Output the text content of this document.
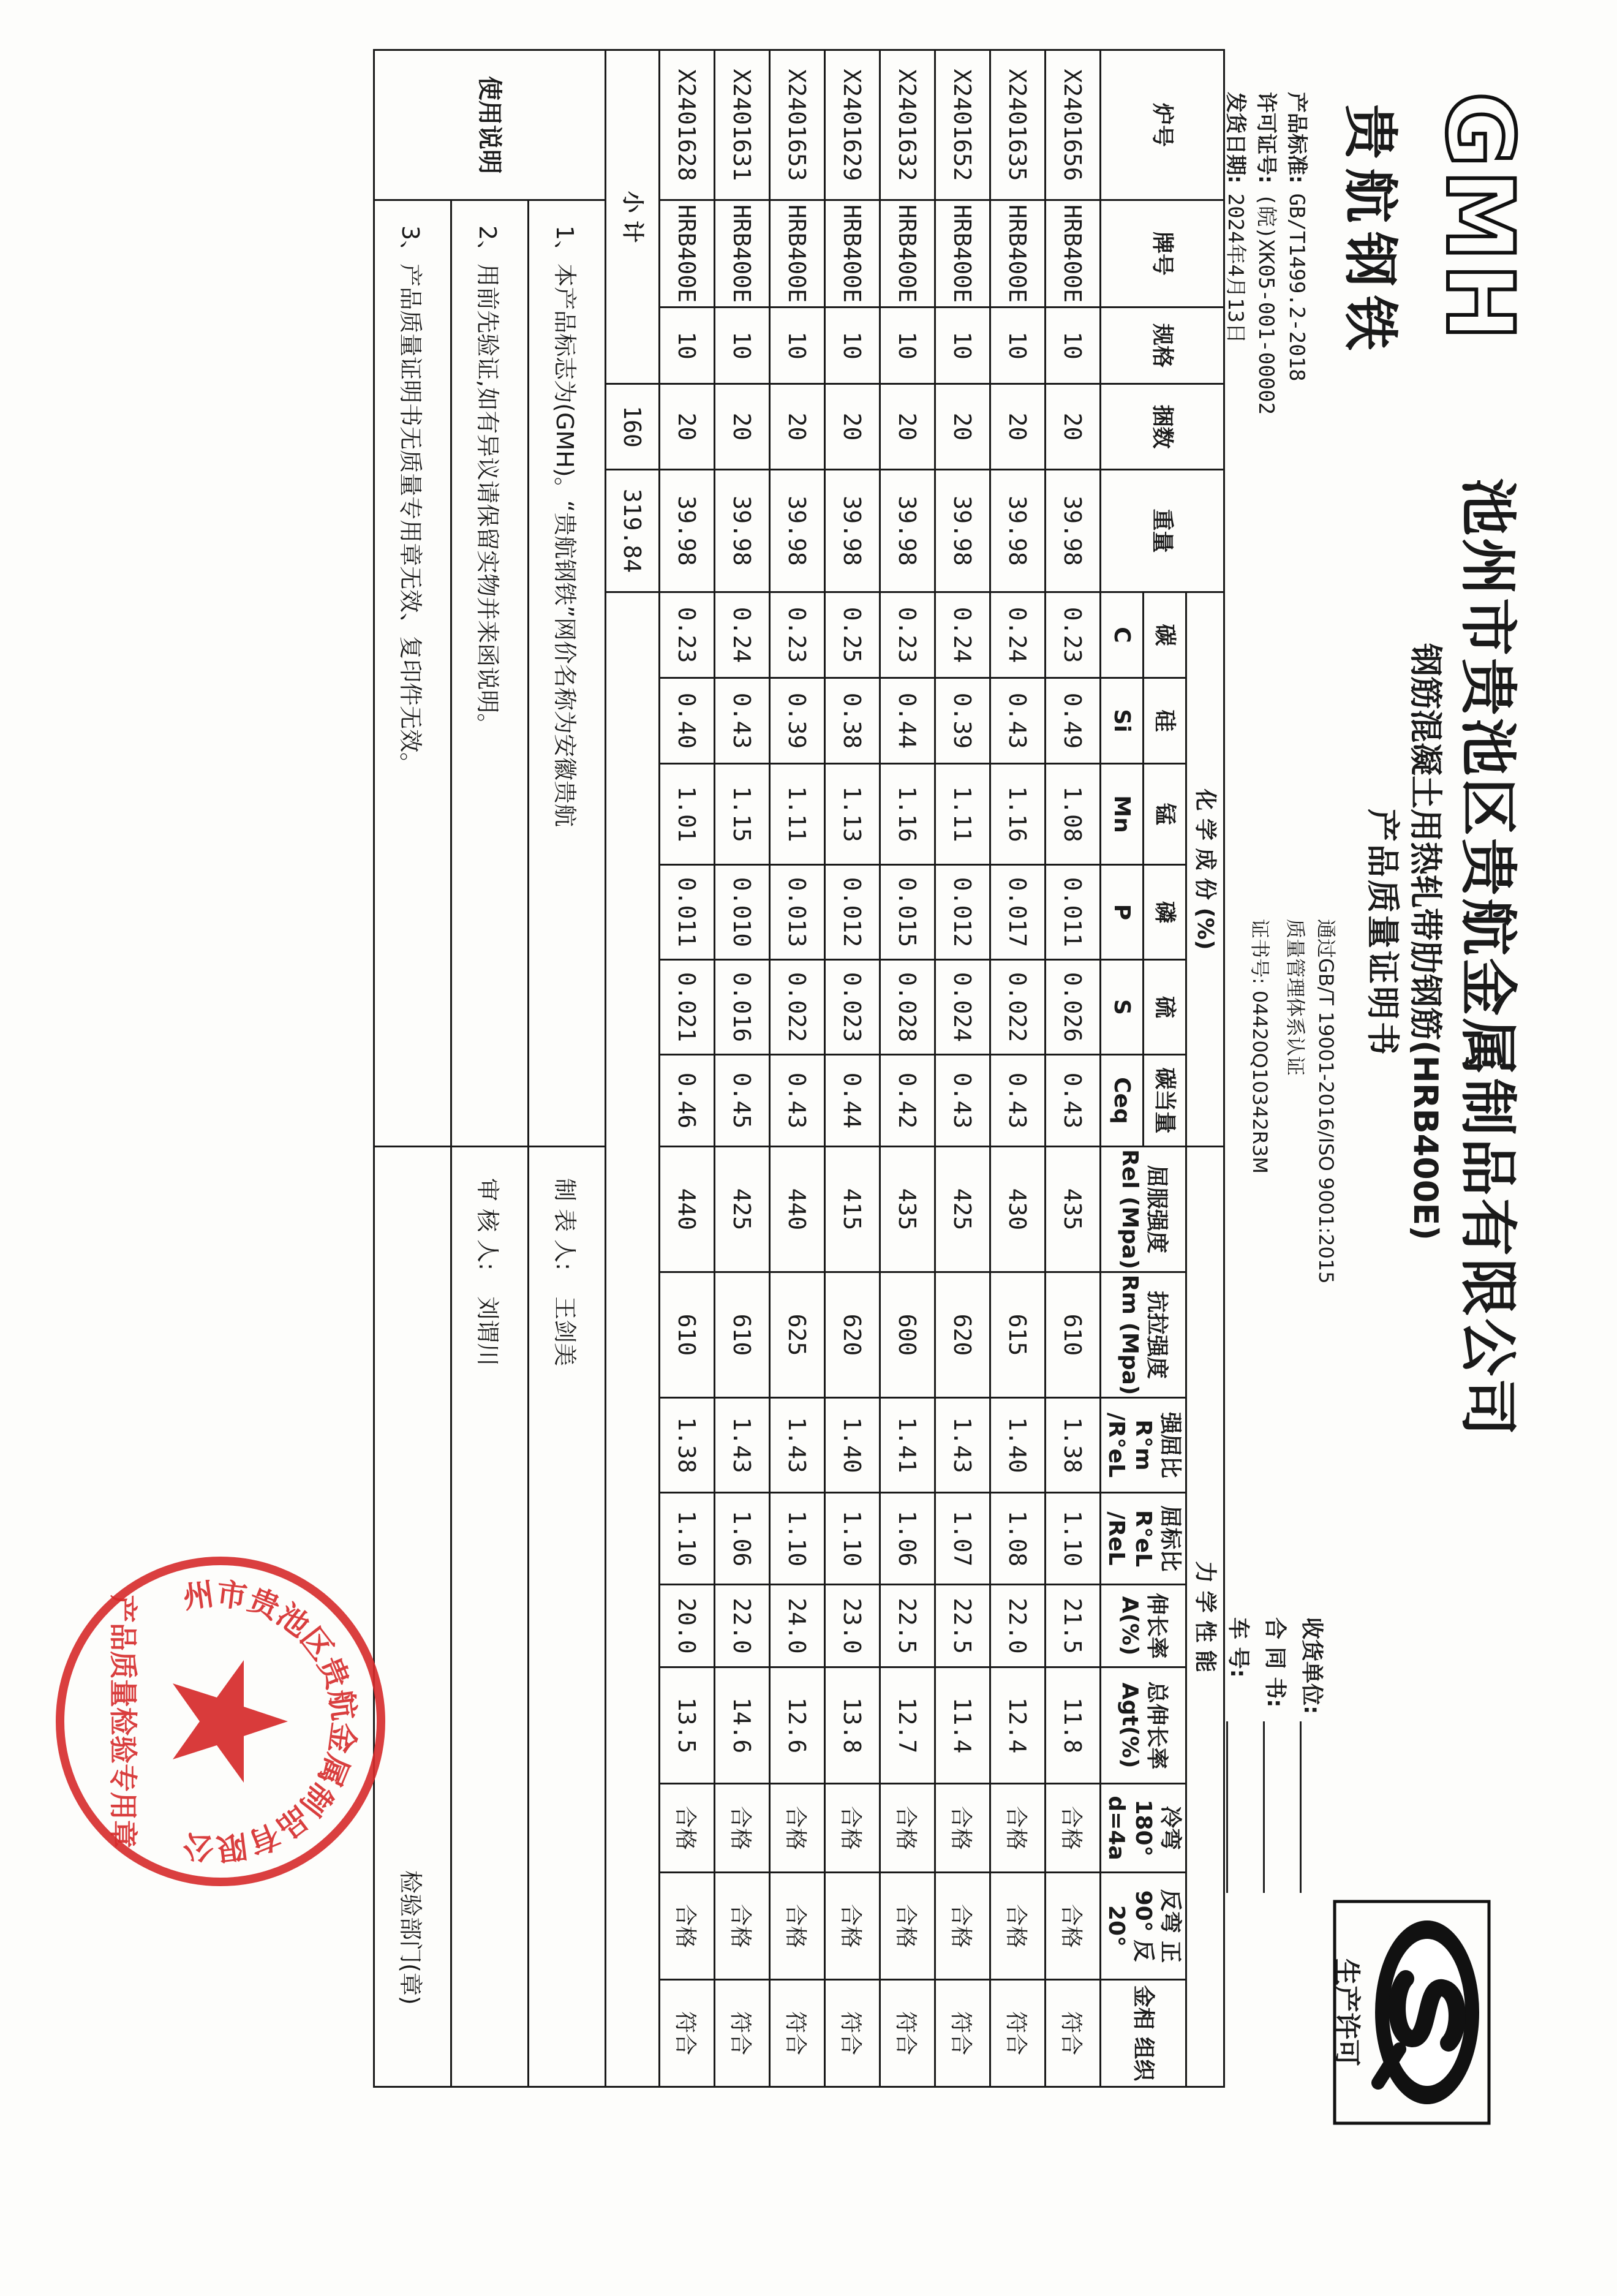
GMH
贵航钢铁
产品标准:GB/T1499.2-2018
许可证号:(皖)XK05-001-00002
发货日期:2024年4月13日
池州市贵池区贵航金属制品有限公司
钢筋混凝土用热轧带肋钢筋(HRB400E)
产品质量证明书
通过GB/T 19001-2016/ISO 9001:2015
质量管理体系认证
证书号: 04420Q10342R3M
收货单位:
合 同 书:
车 号:
生产许可
炉号	牌号	规格	捆数	重量	化 学 成 份 (%)						力 学 性 能								
					碳	硅	锰	磷	硫	碳当量	屈服强度 Rel (Mpa)	抗拉强度 Rm (Mpa)	强屈比 R°m /R°eL	屈标比 R°eL /ReL	伸长率 A(%)	总伸长率 Agt(%)	冷弯 180° d=4a	反弯 正90° 反20°	金相 组织
					C	Si	Mn	P	S	Ceq									
X2401656	HRB400E	10	20	39.98	0.23	0.49	1.08	0.011	0.026	0.43	435	610	1.38	1.10	21.5	11.8	合格	合格	符合
X2401635	HRB400E	10	20	39.98	0.24	0.43	1.16	0.017	0.022	0.43	430	615	1.40	1.08	22.0	12.4	合格	合格	符合
X2401652	HRB400E	10	20	39.98	0.24	0.39	1.11	0.012	0.024	0.43	425	620	1.43	1.07	22.5	11.4	合格	合格	符合
X2401632	HRB400E	10	20	39.98	0.23	0.44	1.16	0.015	0.028	0.42	435	600	1.41	1.06	22.5	12.7	合格	合格	符合
X2401629	HRB400E	10	20	39.98	0.25	0.38	1.13	0.012	0.023	0.44	415	620	1.40	1.10	23.0	13.8	合格	合格	符合
X2401653	HRB400E	10	20	39.98	0.23	0.39	1.11	0.013	0.022	0.43	440	625	1.43	1.10	24.0	12.6	合格	合格	符合
X2401631	HRB400E	10	20	39.98	0.24	0.43	1.15	0.010	0.016	0.45	425	610	1.43	1.06	22.0	14.6	合格	合格	符合
X2401628	HRB400E	10	20	39.98	0.23	0.40	1.01	0.011	0.021	0.46	440	610	1.38	1.10	20.0	13.5	合格	合格	符合
小 计			160	319.84															
使用说明	1、本产品标志为(GMH)。“贵航钢铁”网价名称为安徽贵航										制 表 人: 王剑美								
	2、用前先验证,如有异议请保留实物并来函说明。										审 核 人: 刘谓川								
	3、产品质量证明书无质量专用章无效、复印件无效。										检验部门(章)								
州市贵池区贵航金属制品有限公
产品质量检验专用章
